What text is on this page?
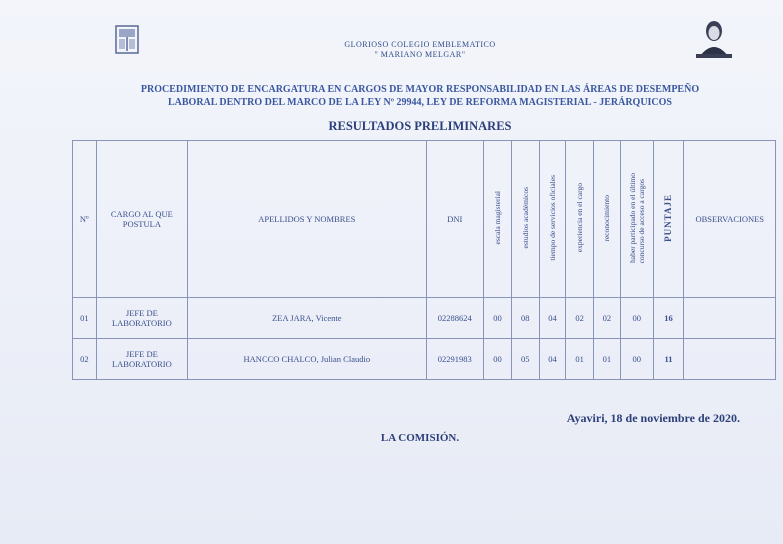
GLORIOSO COLEGIO EMBLEMATICO
" MARIANO MELGAR"
PROCEDIMIENTO DE ENCARGATURA EN CARGOS DE MAYOR RESPONSABILIDAD EN LAS ÁREAS DE DESEMPEÑO
LABORAL DENTRO DEL MARCO DE LA LEY Nº 29944, LEY DE REFORMA MAGISTERIAL - JERÁRQUICOS
RESULTADOS PRELIMINARES
Nº	CARGO AL QUE POSTULA	APELLIDOS Y NOMBRES	DNI	escala magisterial	estudios académicos	tiempo de servicios oficiales	experiencia en el cargo	reconocimiento	haber participado en el últimoconcurso de acceso a cargos	PUNTAJE	OBSERVACIONES
01	JEFE DE LABORATORIO	ZEA JARA, Vicente	02288624	00	08	04	02	02	00	16	
02	JEFE DE LABORATORIO	HANCCO CHALCO, Julian Claudio	02291983	00	05	04	01	01	00	11	
Ayaviri, 18 de noviembre de 2020.
LA COMISIÓN.
